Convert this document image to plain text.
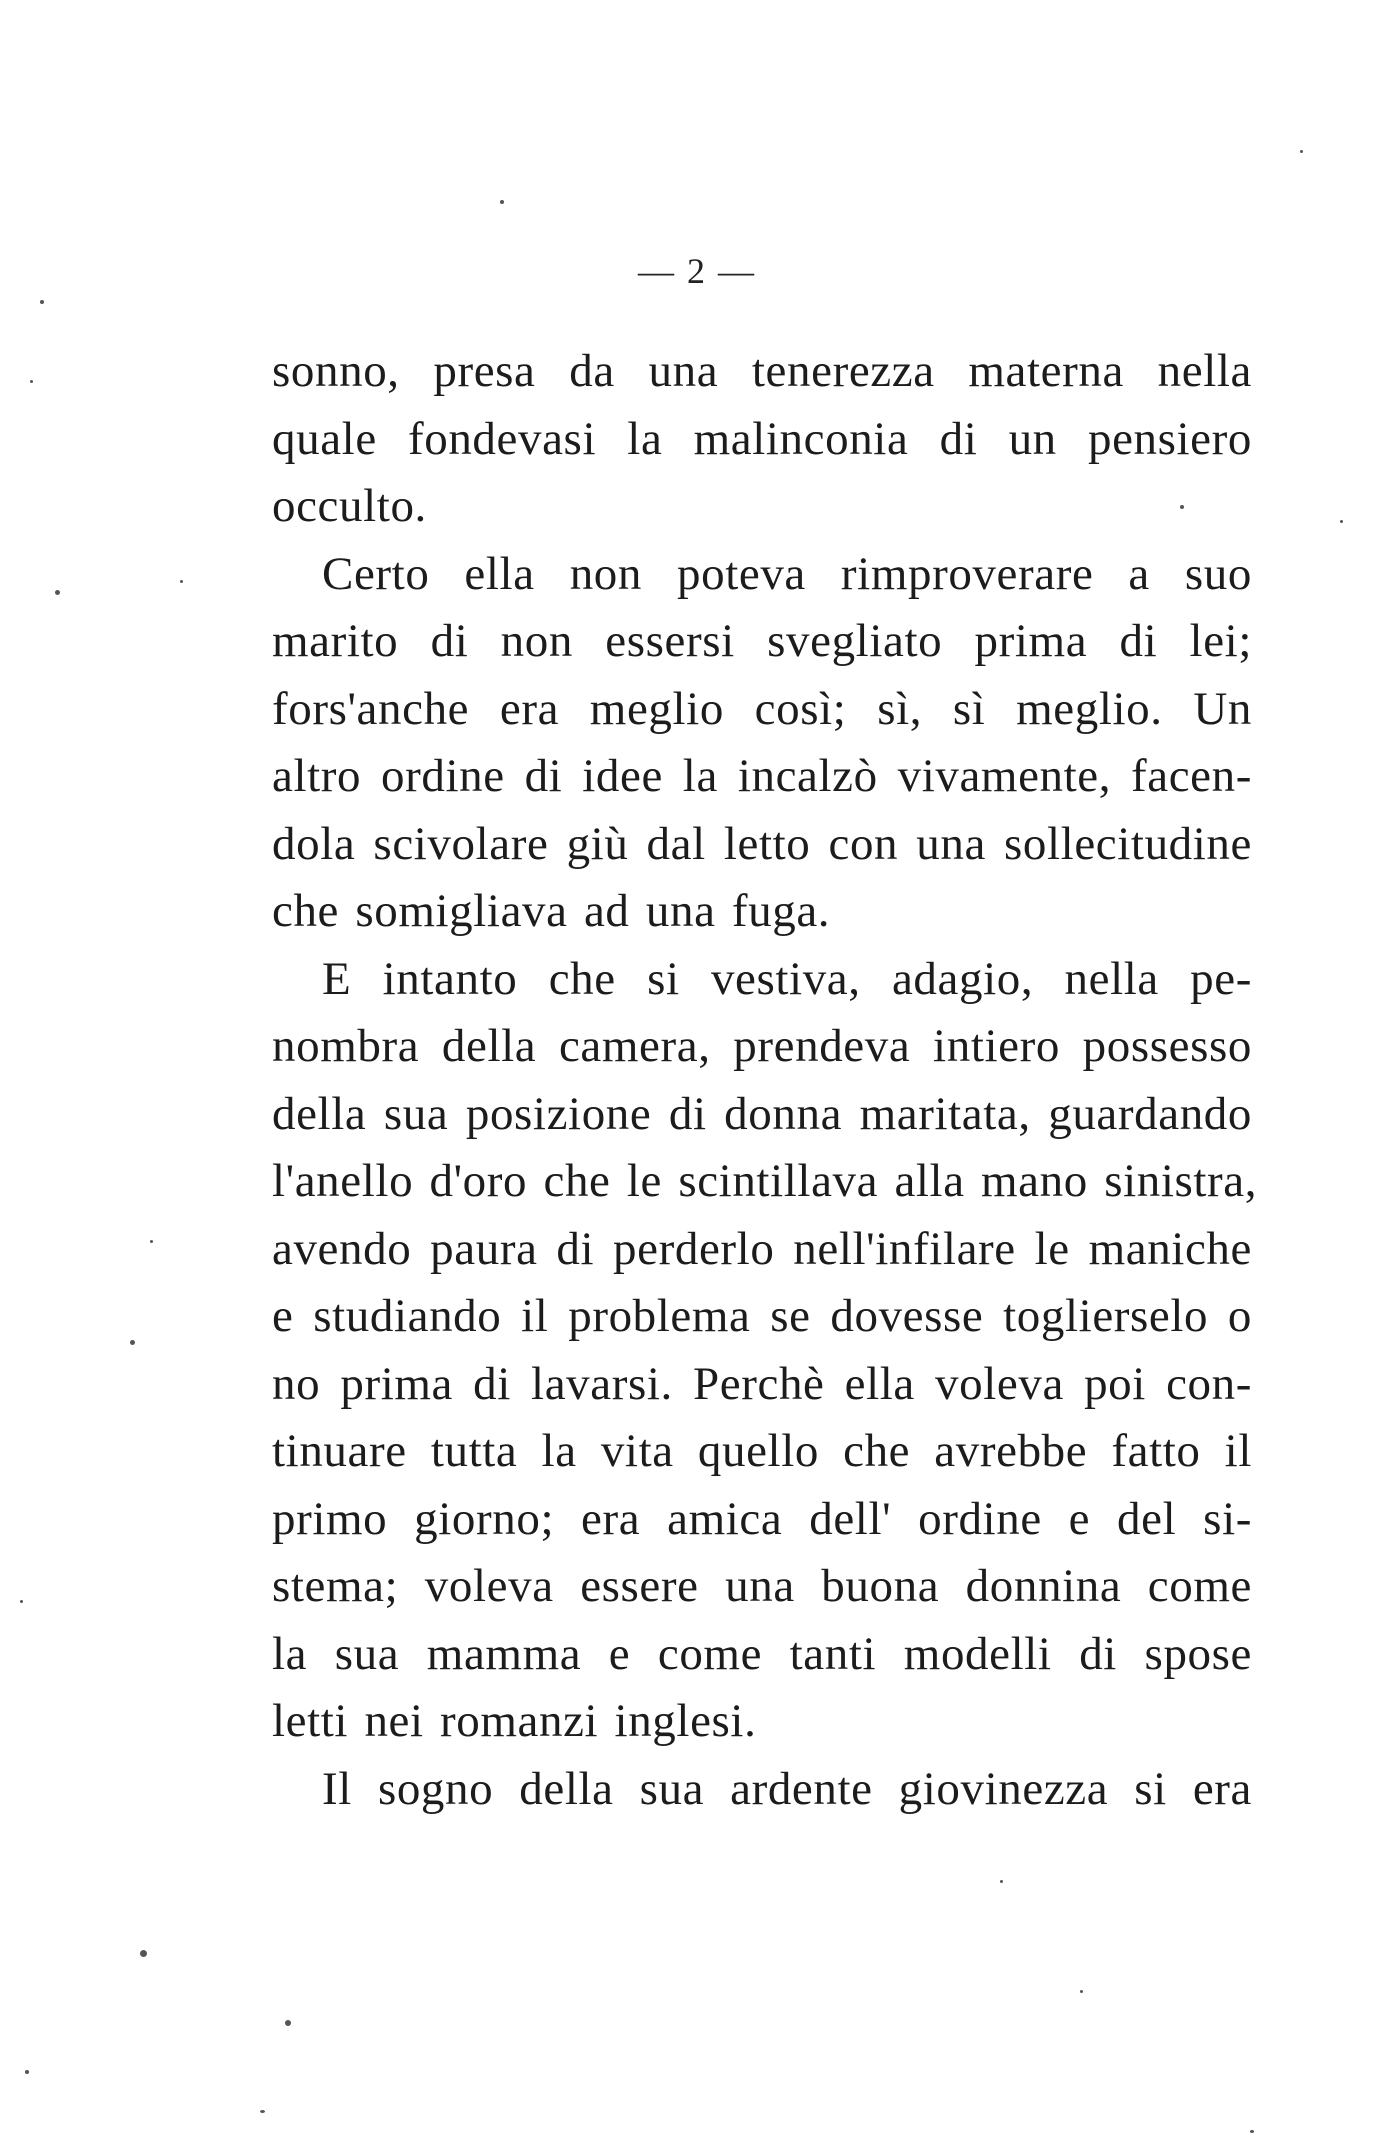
— 2 —

sonno, presa da una tenerezza materna nella
quale fondevasi la malinconia di un pensiero
occulto.

Certo ella non poteva rimproverare a suo
marito di non essersi svegliato prima di lei;
fors'anche era meglio così; sì, sì meglio. Un
altro ordine di idee la incalzò vivamente, facen-
dola scivolare giù dal letto con una sollecitudine
che somigliava ad una fuga.

E intanto che si vestiva, adagio, nella pe-
nombra della camera, prendeva intiero possesso
della sua posizione di donna maritata, guardando
l'anello d'oro che le scintillava alla mano sinistra,
avendo paura di perderlo nell'infilare le maniche
e studiando il problema se dovesse toglierselo o
no prima di lavarsi. Perchè ella voleva poi con-
tinuare tutta la vita quello che avrebbe fatto il
primo giorno; era amica dell' ordine e del si-
stema; voleva essere una buona donnina come
la sua mamma e come tanti modelli di spose
letti nei romanzi inglesi.

Il sogno della sua ardente giovinezza si era
